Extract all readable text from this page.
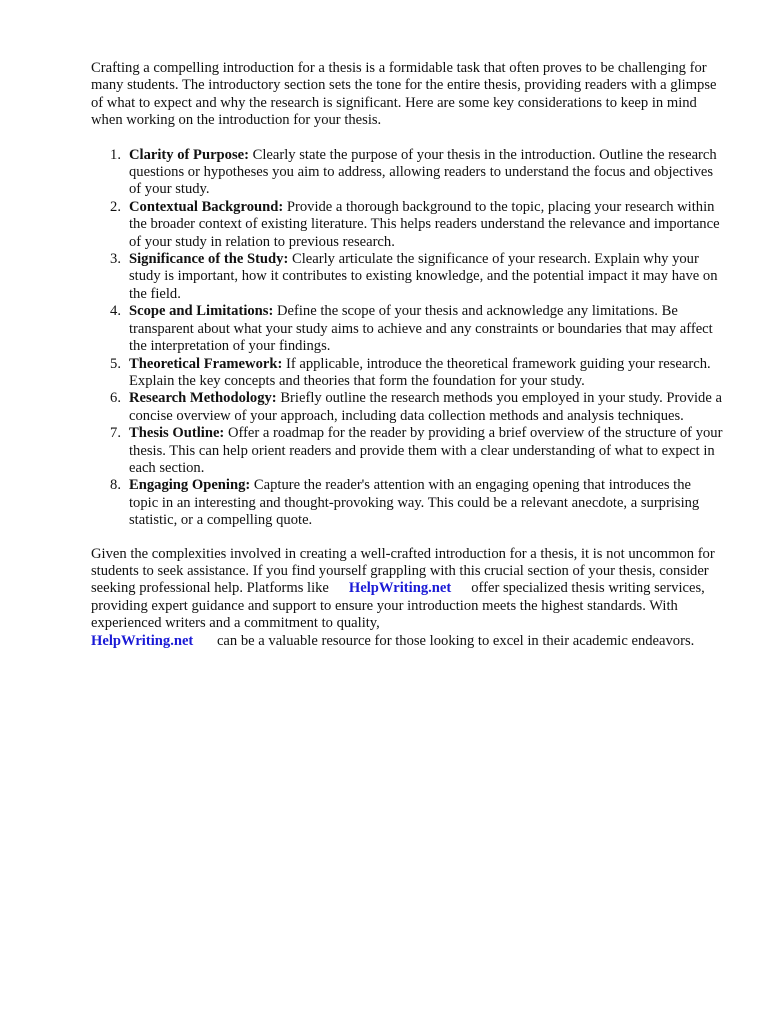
Crafting a compelling introduction for a thesis is a formidable task that often proves to be challenging for many students. The introductory section sets the tone for the entire thesis, providing readers with a glimpse of what to expect and why the research is significant. Here are some key considerations to keep in mind when working on the introduction for your thesis.

1. Clarity of Purpose: Clearly state the purpose of your thesis in the introduction. Outline the research questions or hypotheses you aim to address, allowing readers to understand the focus and objectives of your study.
2. Contextual Background: Provide a thorough background to the topic, placing your research within the broader context of existing literature. This helps readers understand the relevance and importance of your study in relation to previous research.
3. Significance of the Study: Clearly articulate the significance of your research. Explain why your study is important, how it contributes to existing knowledge, and the potential impact it may have on the field.
4. Scope and Limitations: Define the scope of your thesis and acknowledge any limitations. Be transparent about what your study aims to achieve and any constraints or boundaries that may affect the interpretation of your findings.
5. Theoretical Framework: If applicable, introduce the theoretical framework guiding your research. Explain the key concepts and theories that form the foundation for your study.
6. Research Methodology: Briefly outline the research methods you employed in your study. Provide a concise overview of your approach, including data collection methods and analysis techniques.
7. Thesis Outline: Offer a roadmap for the reader by providing a brief overview of the structure of your thesis. This can help orient readers and provide them with a clear understanding of what to expect in each section.
8. Engaging Opening: Capture the reader's attention with an engaging opening that introduces the topic in an interesting and thought-provoking way. This could be a relevant anecdote, a surprising statistic, or a compelling quote.

Given the complexities involved in creating a well-crafted introduction for a thesis, it is not uncommon for students to seek assistance. If you find yourself grappling with this crucial section of your thesis, consider seeking professional help. Platforms like HelpWriting.net offer specialized thesis writing services, providing expert guidance and support to ensure your introduction meets the highest standards. With experienced writers and a commitment to quality,
HelpWriting.net can be a valuable resource for those looking to excel in their academic endeavors.
